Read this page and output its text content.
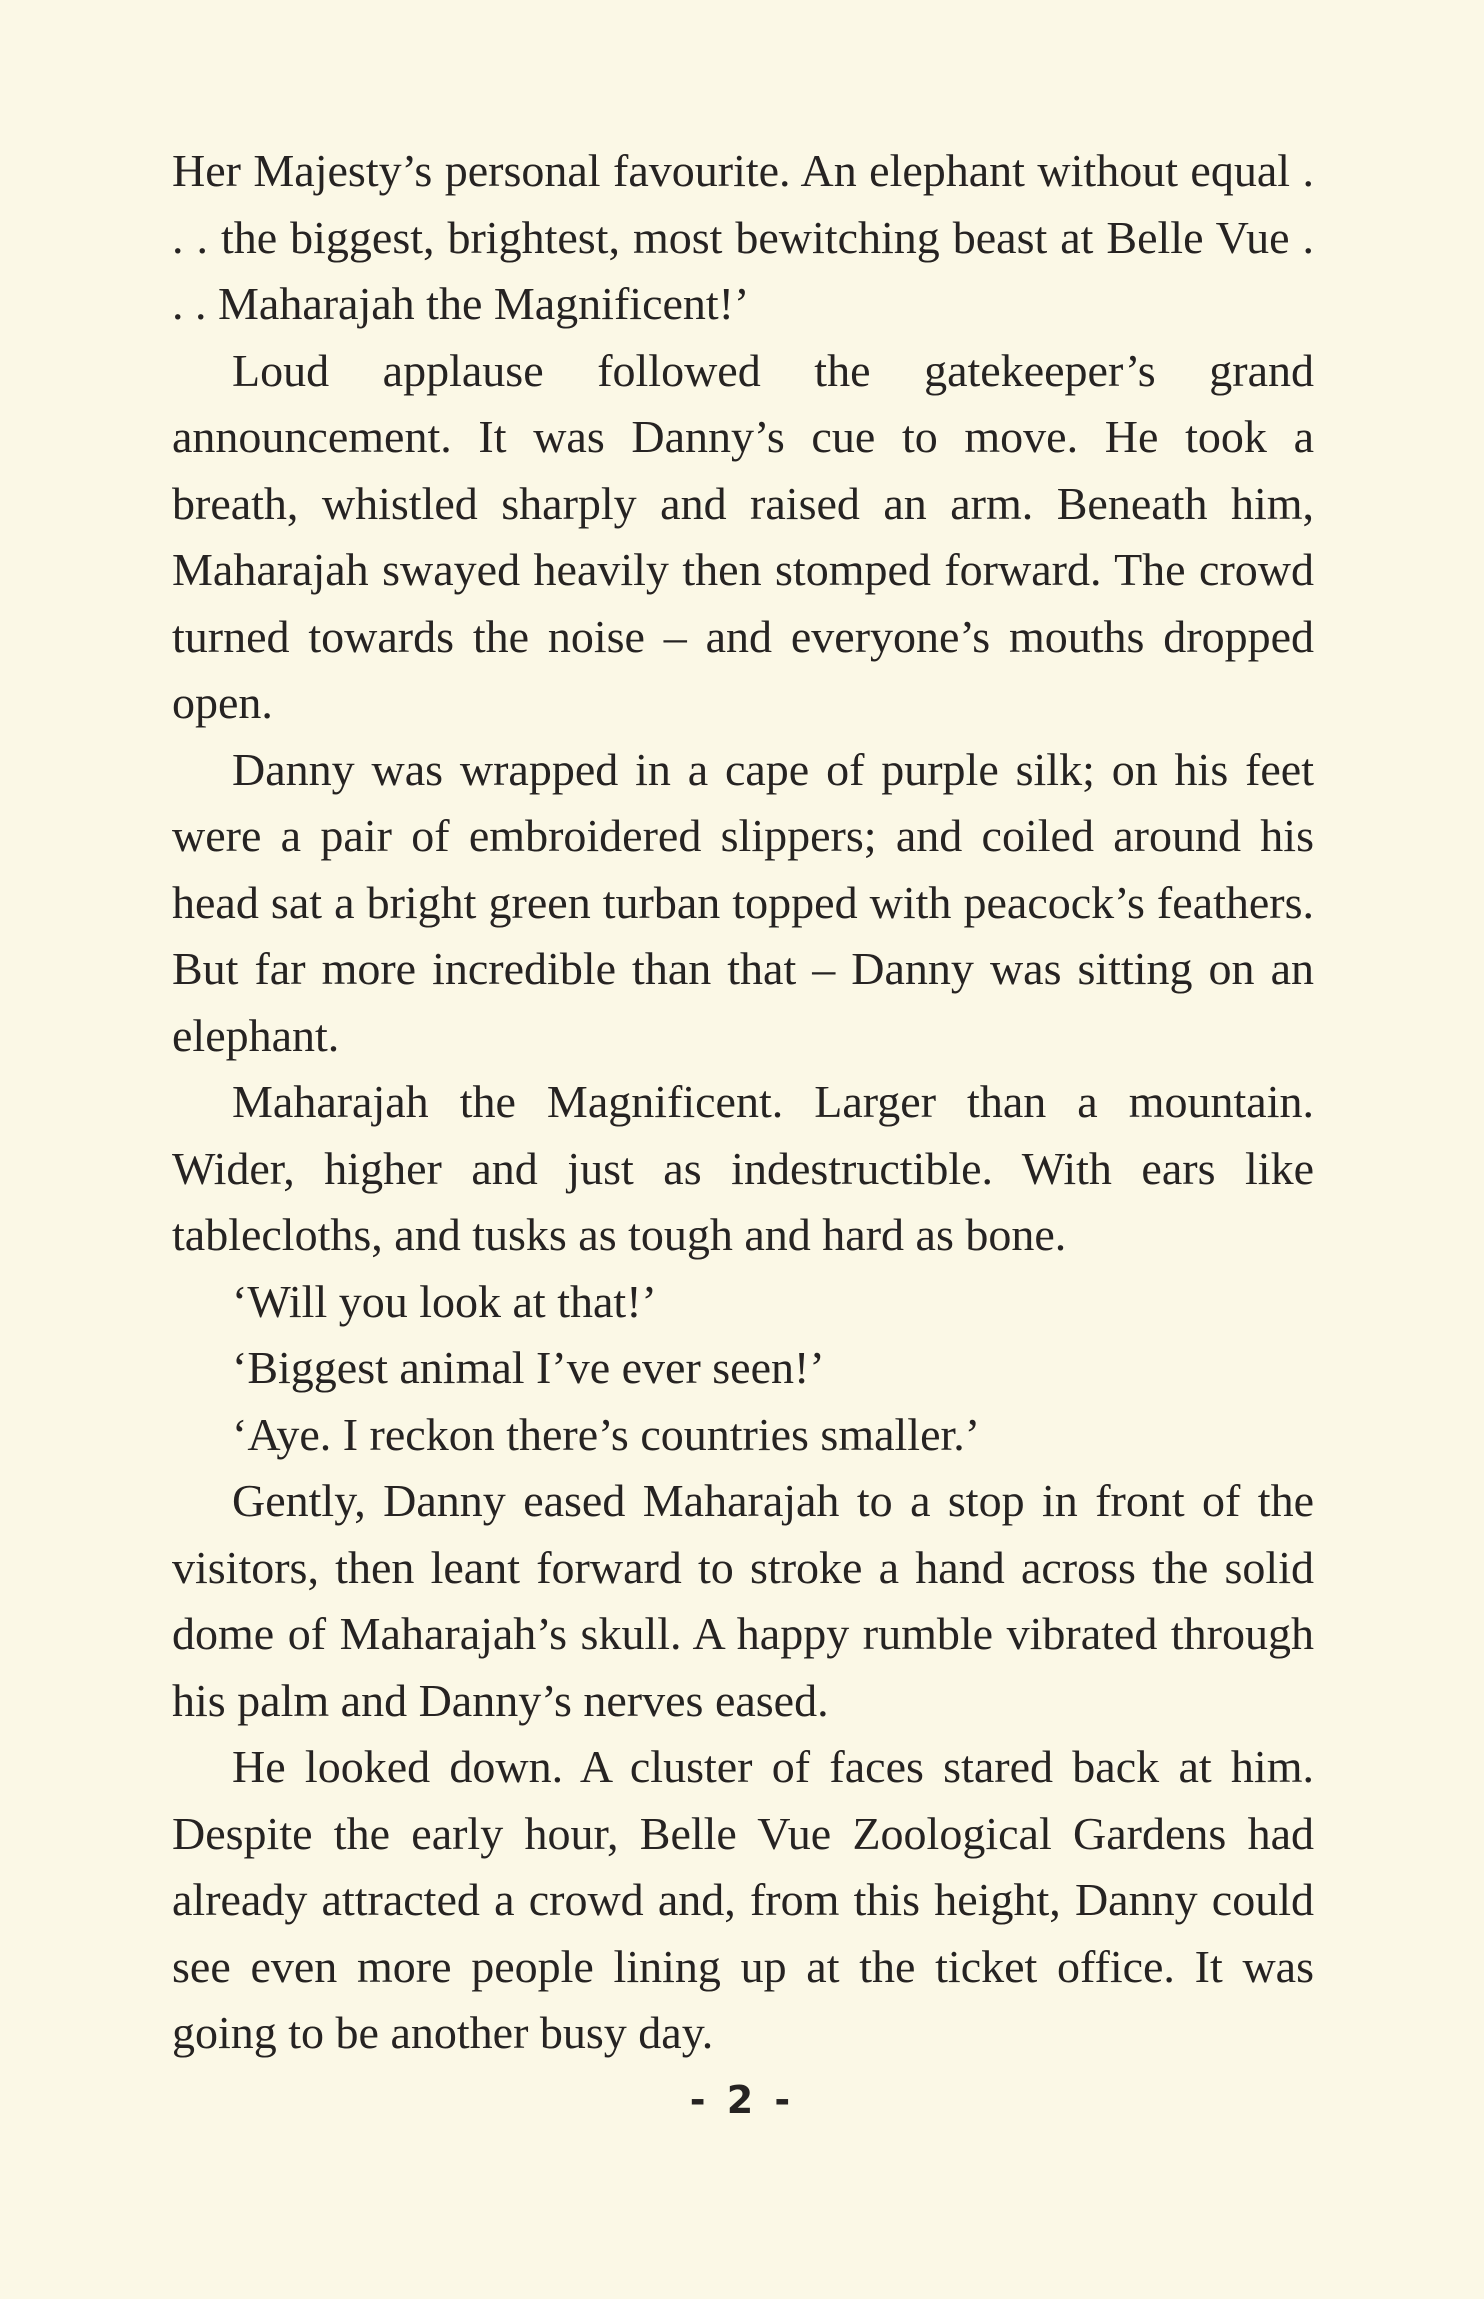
Her Majesty’s personal favourite. An elephant without equal . . . the biggest, brightest, most bewitching beast at Belle Vue . . . Maharajah the Magnificent!’

Loud applause followed the gatekeeper’s grand announcement. It was Danny’s cue to move. He took a breath, whistled sharply and raised an arm. Beneath him, Maharajah swayed heavily then stomped forward. The crowd turned towards the noise – and everyone’s mouths dropped open.

Danny was wrapped in a cape of purple silk; on his feet were a pair of embroidered slippers; and coiled around his head sat a bright green turban topped with peacock’s feathers. But far more incredible than that – Danny was sitting on an elephant.

Maharajah the Magnificent. Larger than a mountain. Wider, higher and just as indestructible. With ears like tablecloths, and tusks as tough and hard as bone.

‘Will you look at that!’

‘Biggest animal I’ve ever seen!’

‘Aye. I reckon there’s countries smaller.’

Gently, Danny eased Maharajah to a stop in front of the visitors, then leant forward to stroke a hand across the solid dome of Maharajah’s skull. A happy rumble vibrated through his palm and Danny’s nerves eased.

He looked down. A cluster of faces stared back at him. Despite the early hour, Belle Vue Zoological Gardens had already attracted a crowd and, from this height, Danny could see even more people lining up at the ticket office. It was going to be another busy day.

- 2 -
